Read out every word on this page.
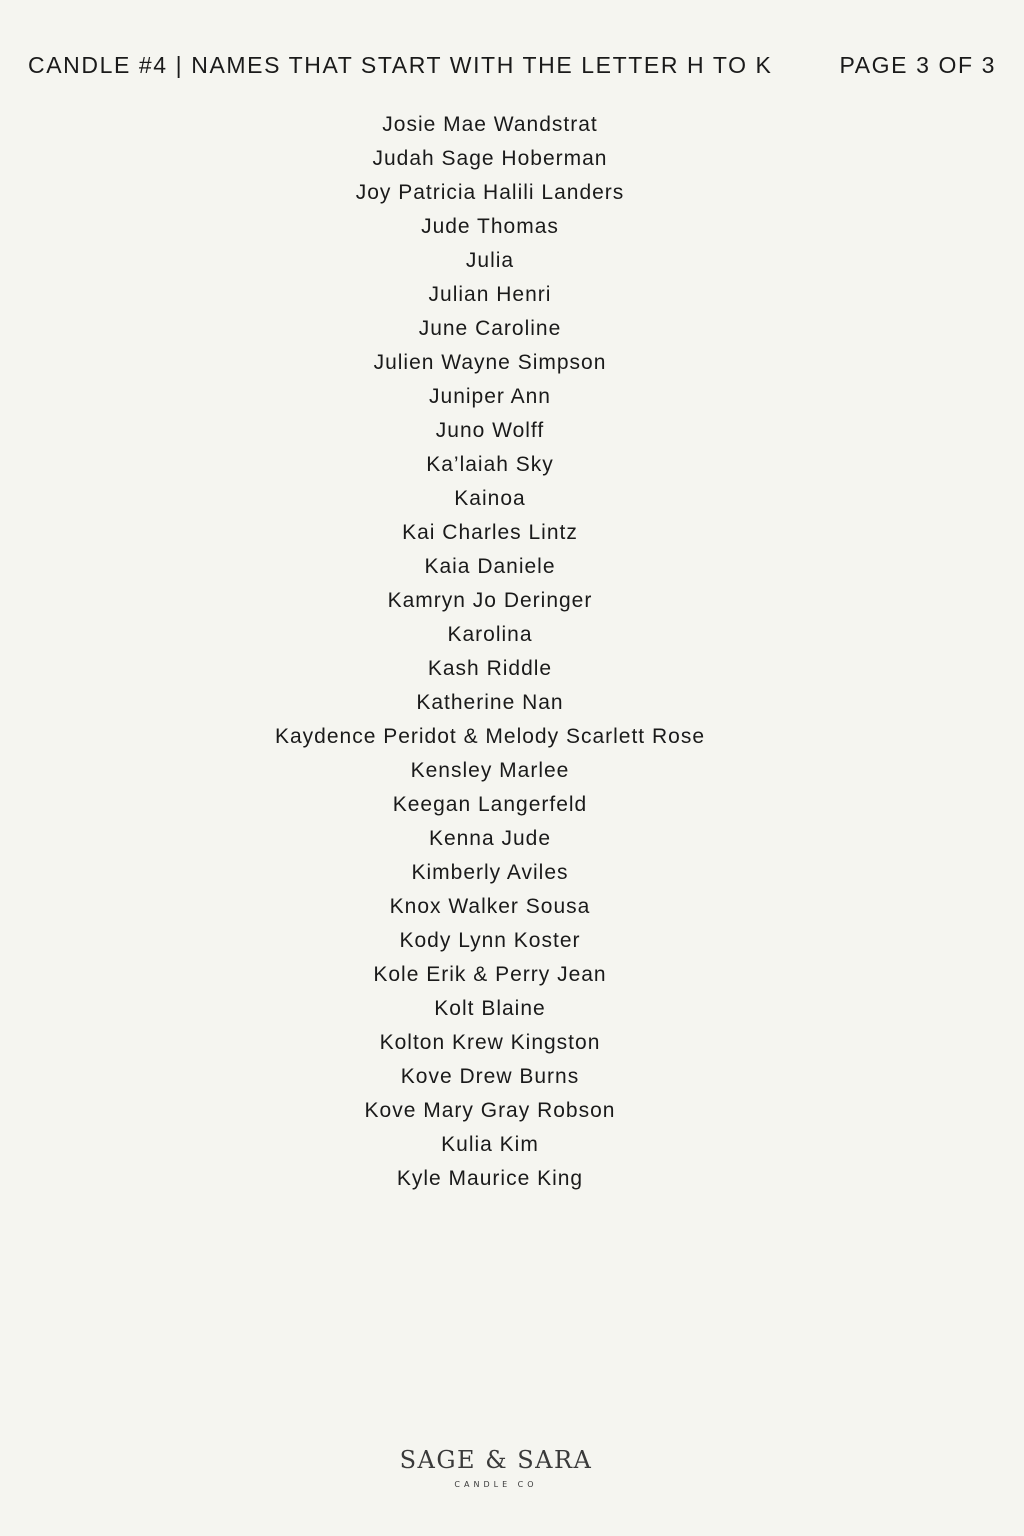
CANDLE #4 | NAMES THAT START WITH THE LETTER H TO K	PAGE 3 OF 3
Josie Mae Wandstrat
Judah Sage Hoberman
Joy Patricia Halili Landers
Jude Thomas
Julia
Julian Henri
June Caroline
Julien Wayne Simpson
Juniper Ann
Juno Wolff
Ka’laiah Sky
Kainoa
Kai Charles Lintz
Kaia Daniele
Kamryn Jo Deringer
Karolina
Kash Riddle
Katherine Nan
Kaydence Peridot & Melody Scarlett Rose
Kensley Marlee
Keegan Langerfeld
Kenna Jude
Kimberly Aviles
Knox Walker Sousa
Kody Lynn Koster
Kole Erik & Perry Jean
Kolt Blaine
Kolton Krew Kingston
Kove Drew Burns
Kove Mary Gray Robson
Kulia Kim
Kyle Maurice King
SAGE & SARA
CANDLE CO
